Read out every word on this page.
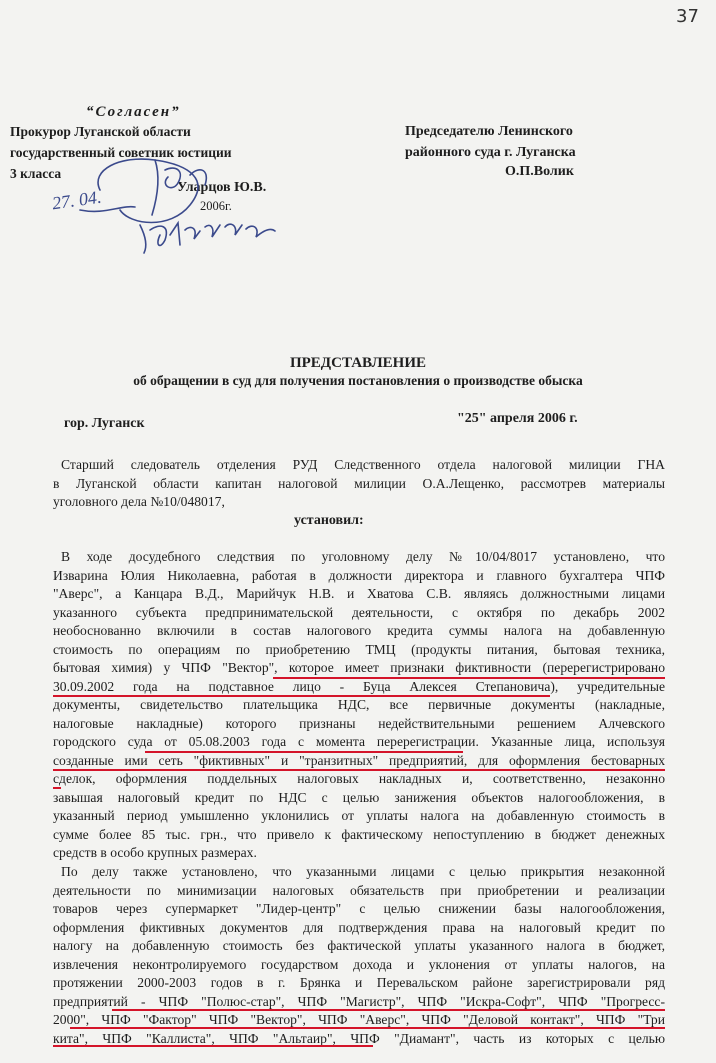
37
“Согласен”
Прокурор Луганской области
государственный советник юстиции
3 класса
Уларцов Ю.В.
2006г.
27. 04.
Председателю Ленинского
районного суда г. Луганска
О.П.Волик
ПРЕДСТАВЛЕНИЕ
об обращении в суд для получения постановления о производстве обыска
гор. Луганск	"25" апреля 2006 г.
Старший следователь отделения РУД Следственного отдела налоговой милиции ГНА
в Луганской области капитан налоговой милиции О.А.Лещенко, рассмотрев материалы
уголовного дела №10/048017,
установил:
В ходе досудебного следствия по уголовному делу №10/04/8017 установлено, что
Изварина Юлия Николаевна, работая в должности директора и главного бухгалтера ЧПФ
"Аверс", а Канцара В.Д., Марийчук Н.В. и Хватова С.В. являясь должностными лицами
указанного субъекта предпринимательской деятельности, с октября по декабрь 2002
необоснованно включили в состав налогового кредита суммы налога на добавленную
стоимость по операциям по приобретению ТМЦ (продукты питания, бытовая техника,
бытовая химия) у ЧПФ "Вектор", которое имеет признаки фиктивности (перерегистрировано
30.09.2002 года на подставное лицо - Буца Алексея Степановича), учредительные
документы, свидетельство плательщика НДС, все первичные документы (накладные,
налоговые накладные) которого признаны недействительными решением Алчевского
городского суда от 05.08.2003 года с момента перерегистрации. Указанные лица, используя
созданные ими сеть "фиктивных" и "транзитных" предприятий, для оформления бестоварных
сделок, оформления поддельных налоговых накладных и, соответственно, незаконно
завышая налоговый кредит по НДС с целью занижения объектов налогообложения, в
указанный период умышленно уклонились от уплаты налога на добавленную стоимость в
сумме более 85 тыс. грн., что привело к фактическому непоступлению в бюджет денежных
средств в особо крупных размерах.
По делу также установлено, что указанными лицами с целью прикрытия незаконной
деятельности по минимизации налоговых обязательств при приобретении и реализации
товаров через супермаркет "Лидер-центр" с целью снижении базы налогообложения,
оформления фиктивных документов для подтверждения права на налоговый кредит по
налогу на добавленную стоимость без фактической уплаты указанного налога в бюджет,
извлечения неконтролируемого государством дохода и уклонения от уплаты налогов, на
протяжении 2000-2003 годов в г. Брянка и Перевальском районе зарегистрировали ряд
предприятий - ЧПФ "Полюс-стар", ЧПФ "Магистр", ЧПФ "Искра-Софт", ЧПФ "Прогресс-
2000", ЧПФ "Фактор" ЧПФ "Вектор", ЧПФ "Аверс", ЧПФ "Деловой контакт", ЧПФ "Три
кита", ЧПФ "Каллиста", ЧПФ "Альтаир", ЧПФ "Диамант", часть из которых с целью
